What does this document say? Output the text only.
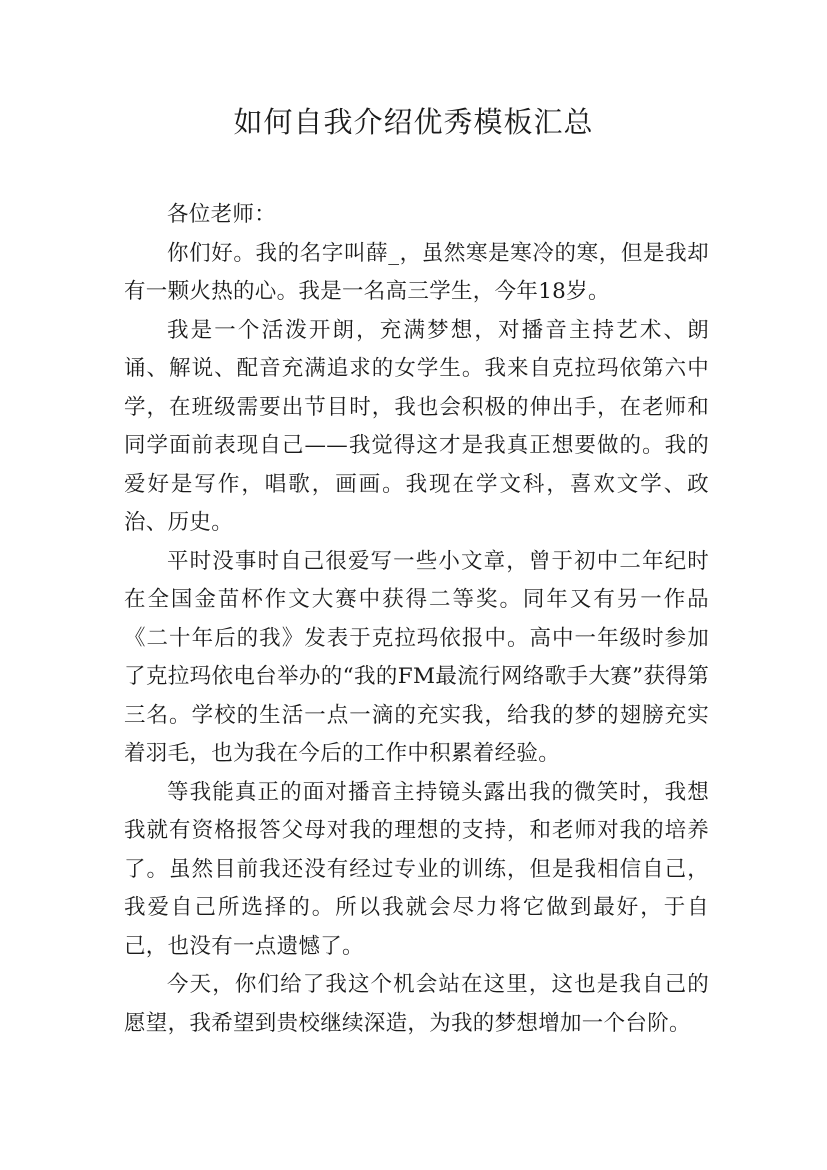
如何自我介绍优秀模板汇总

各位老师：

你们好。我的名字叫薛_，虽然寒是寒冷的寒，但是我却有一颗火热的心。我是一名高三学生，今年18岁。

我是一个活泼开朗，充满梦想，对播音主持艺术、朗诵、解说、配音充满追求的女学生。我来自克拉玛依第六中学，在班级需要出节目时，我也会积极的伸出手，在老师和同学面前表现自己——我觉得这才是我真正想要做的。我的爱好是写作，唱歌，画画。我现在学文科，喜欢文学、政治、历史。

平时没事时自己很爱写一些小文章，曾于初中二年纪时在全国金苗杯作文大赛中获得二等奖。同年又有另一作品《二十年后的我》发表于克拉玛依报中。高中一年级时参加了克拉玛依电台举办的“我的FM最流行网络歌手大赛”获得第三名。学校的生活一点一滴的充实我，给我的梦的翅膀充实着羽毛，也为我在今后的工作中积累着经验。

等我能真正的面对播音主持镜头露出我的微笑时，我想我就有资格报答父母对我的理想的支持，和老师对我的培养了。虽然目前我还没有经过专业的训练，但是我相信自己，我爱自己所选择的。所以我就会尽力将它做到最好，于自己，也没有一点遗憾了。

今天，你们给了我这个机会站在这里，这也是我自己的愿望，我希望到贵校继续深造，为我的梦想增加一个台阶。
